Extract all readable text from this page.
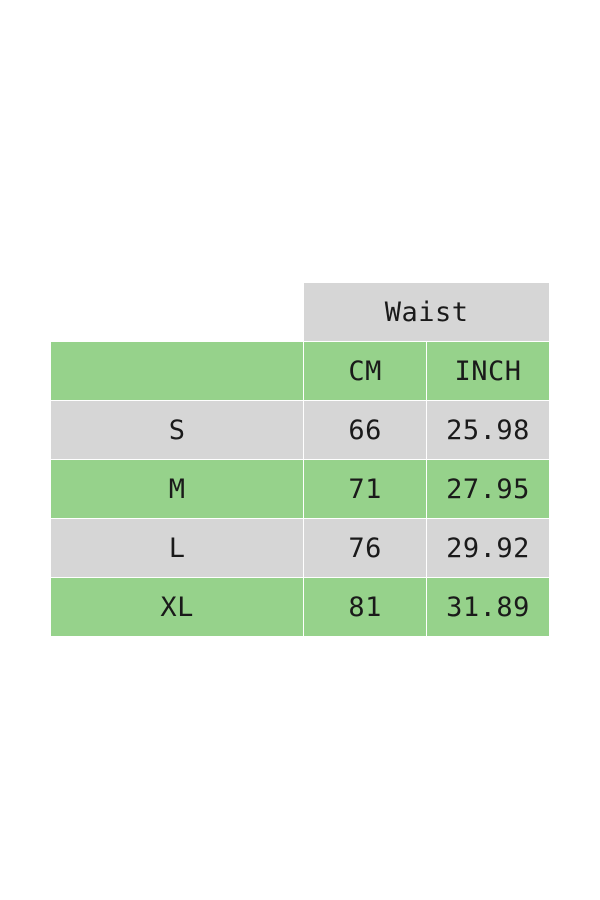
	Waist	
	CM	INCH
S	66	25.98
M	71	27.95
L	76	29.92
XL	81	31.89
